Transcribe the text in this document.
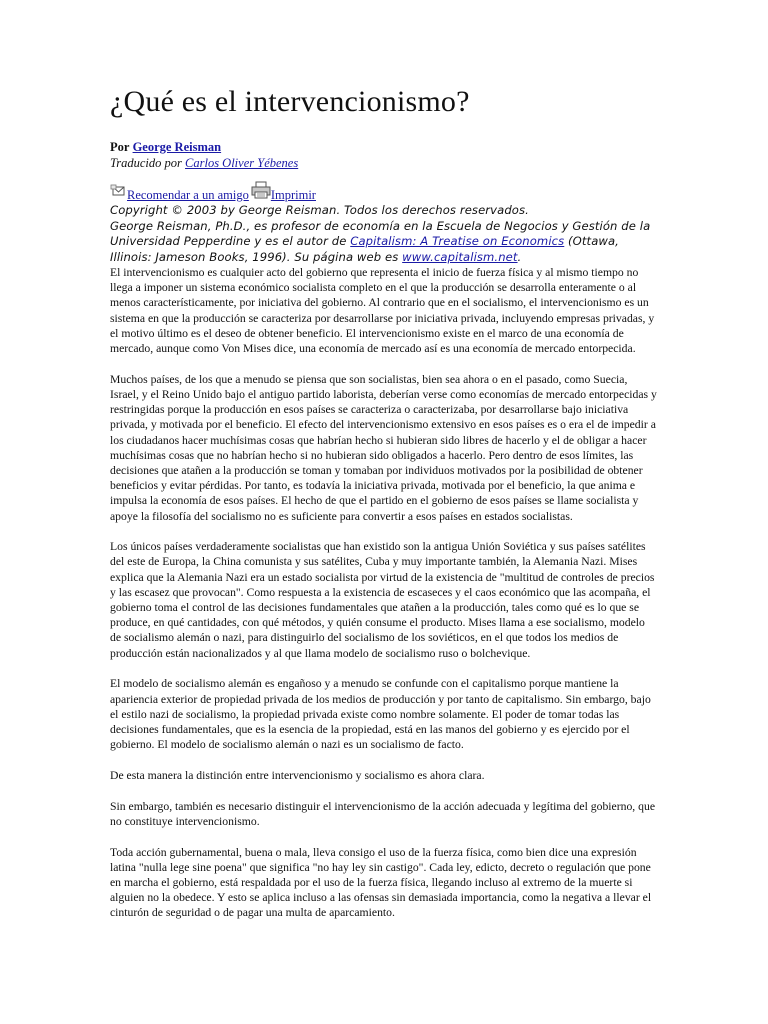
¿Qué es el intervencionismo?
Por George Reisman
Traducido por Carlos Oliver Yébenes
Recomendar a un amigo Imprimir
Copyright © 2003 by George Reisman. Todos los derechos reservados.
George Reisman, Ph.D., es profesor de economía en la Escuela de Negocios y Gestión de la Universidad Pepperdine y es el autor de Capitalism: A Treatise on Economics (Ottawa, Illinois: Jameson Books, 1996). Su página web es www.capitalism.net.

El intervencionismo es cualquier acto del gobierno que representa el inicio de fuerza física y al mismo tiempo no llega a imponer un sistema económico socialista completo en el que la producción se desarrolla enteramente o al menos característicamente, por iniciativa del gobierno. Al contrario que en el socialismo, el intervencionismo es un sistema en que la producción se caracteriza por desarrollarse por iniciativa privada, incluyendo empresas privadas, y el motivo último es el deseo de obtener beneficio. El intervencionismo existe en el marco de una economía de mercado, aunque como Von Mises dice, una economía de mercado así es una economía de mercado entorpecida.

Muchos países, de los que a menudo se piensa que son socialistas, bien sea ahora o en el pasado, como Suecia, Israel, y el Reino Unido bajo el antiguo partido laborista, deberían verse como economías de mercado entorpecidas y restringidas porque la producción en esos países se caracteriza o caracterizaba, por desarrollarse bajo iniciativa privada, y motivada por el beneficio. El efecto del intervencionismo extensivo en esos países es o era el de impedir a los ciudadanos hacer muchísimas cosas que habrían hecho si hubieran sido libres de hacerlo y el de obligar a hacer muchísimas cosas que no habrían hecho si no hubieran sido obligados a hacerlo. Pero dentro de esos límites, las decisiones que atañen a la producción se toman y tomaban por individuos motivados por la posibilidad de obtener beneficios y evitar pérdidas. Por tanto, es todavía la iniciativa privada, motivada por el beneficio, la que anima e impulsa la economía de esos países. El hecho de que el partido en el gobierno de esos países se llame socialista y apoye la filosofía del socialismo no es suficiente para convertir a esos países en estados socialistas.

Los únicos países verdaderamente socialistas que han existido son la antigua Unión Soviética y sus países satélites del este de Europa, la China comunista y sus satélites, Cuba y muy importante también, la Alemania Nazi. Mises explica que la Alemania Nazi era un estado socialista por virtud de la existencia de "multitud de controles de precios y las escasez que provocan". Como respuesta a la existencia de escaseces y el caos económico que las acompaña, el gobierno toma el control de las decisiones fundamentales que atañen a la producción, tales como qué es lo que se produce, en qué cantidades, con qué métodos, y quién consume el producto. Mises llama a ese socialismo, modelo de socialismo alemán o nazi, para distinguirlo del socialismo de los soviéticos, en el que todos los medios de producción están nacionalizados y al que llama modelo de socialismo ruso o bolchevique.

El modelo de socialismo alemán es engañoso y a menudo se confunde con el capitalismo porque mantiene la apariencia exterior de propiedad privada de los medios de producción y por tanto de capitalismo. Sin embargo, bajo el estilo nazi de socialismo, la propiedad privada existe como nombre solamente. El poder de tomar todas las decisiones fundamentales, que es la esencia de la propiedad, está en las manos del gobierno y es ejercido por el gobierno. El modelo de socialismo alemán o nazi es un socialismo de facto.

De esta manera la distinción entre intervencionismo y socialismo es ahora clara.

Sin embargo, también es necesario distinguir el intervencionismo de la acción adecuada y legítima del gobierno, que no constituye intervencionismo.

Toda acción gubernamental, buena o mala, lleva consigo el uso de la fuerza física, como bien dice una expresión latina "nulla lege sine poena" que significa "no hay ley sin castigo". Cada ley, edicto, decreto o regulación que pone en marcha el gobierno, está respaldada por el uso de la fuerza física, llegando incluso al extremo de la muerte si alguien no la obedece. Y esto se aplica incluso a las ofensas sin demasiada importancia, como la negativa a llevar el cinturón de seguridad o de pagar una multa de aparcamiento.
